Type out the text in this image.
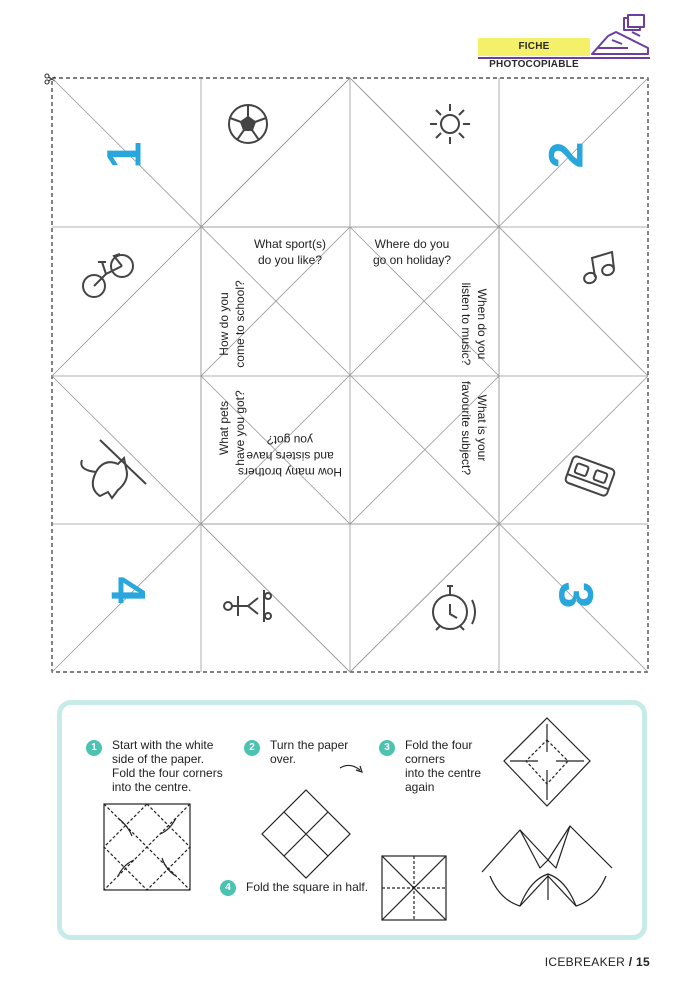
FICHE PHOTOCOPIABLE
1	2
3
4
What sport(s)
do you like?
Where do you
go on holiday?
When do you
listen to music?
What is your
favourite subject?
How many brothers
and sisters have
you got?
What pets
have you got?
How do you
come to school?
1	Start with the white
side of the paper.
Fold the four corners
into the centre.
2	Turn the paper
over.
3	Fold the four
corners
into the centre
again
4	Fold the square in half.
ICEBREAKER / 15
